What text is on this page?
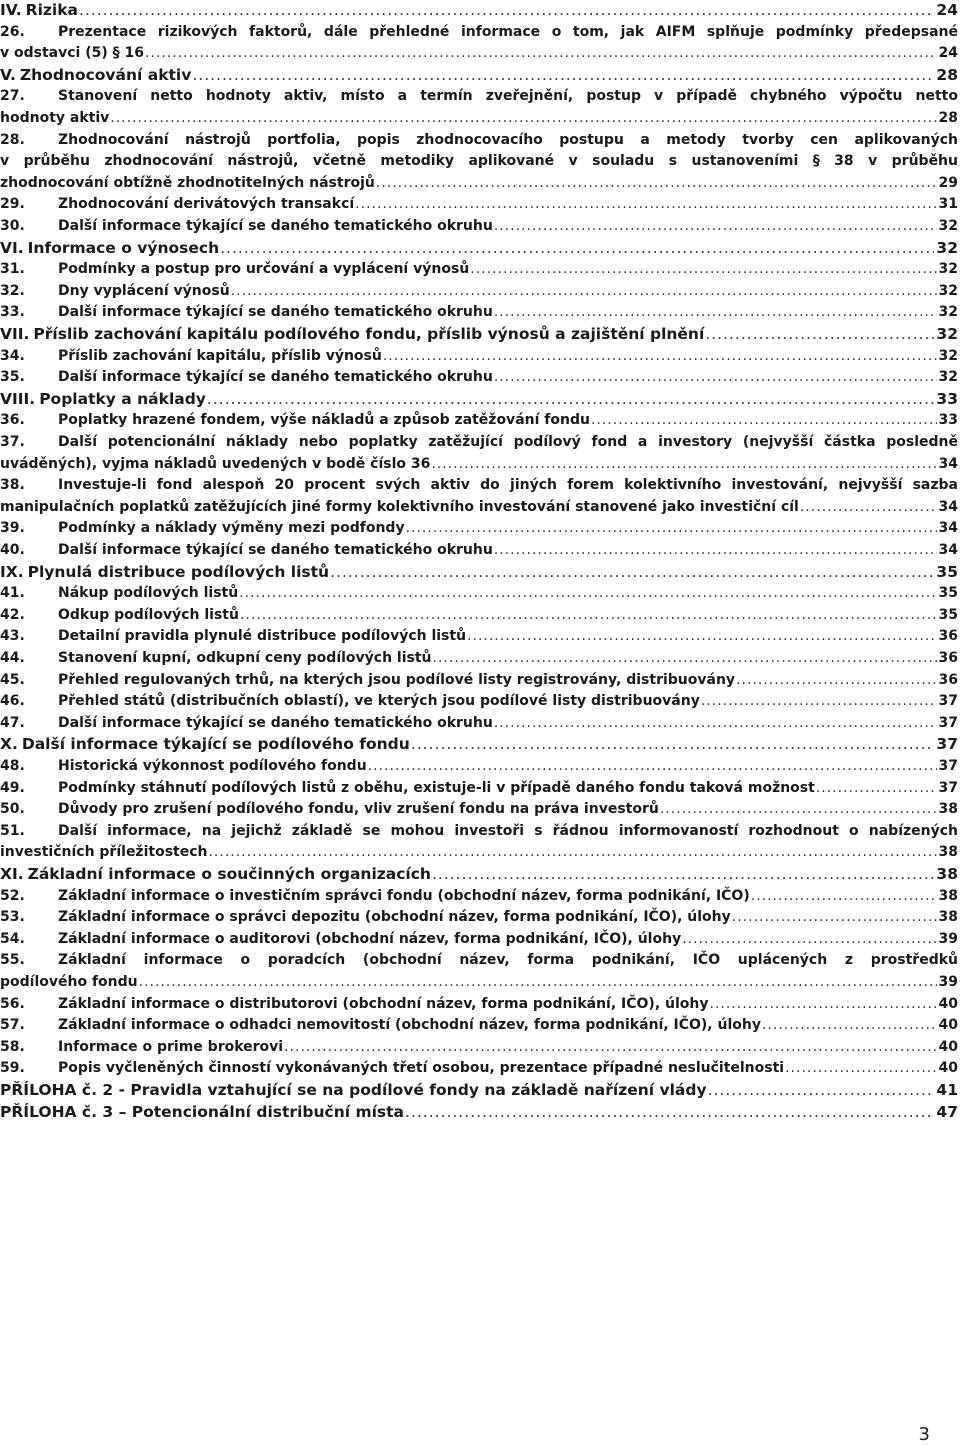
IV. Rizika .....	24
26. Prezentace rizikových faktorů, dále přehledné informace o tom, jak AIFM splňuje podmínky předepsané
v odstavci (5) § 16 .....	24
V. Zhodnocování aktiv .....	28
27. Stanovení netto hodnoty aktiv, místo a termín zveřejnění, postup v případě chybného výpočtu netto
hodnoty aktiv .....	28
28. Zhodnocování nástrojů portfolia, popis zhodnocovacího postupu a metody tvorby cen aplikovaných
v průběhu zhodnocování nástrojů, včetně metodiky aplikované v souladu s ustanoveními § 38 v průběhu
zhodnocování obtížně zhodnotitelných nástrojů .....	29
29.	Zhodnocování derivátových transakcí .....	31
30.	Další informace týkající se daného tematického okruhu .....	32
VI. Informace o výnosech .....	32
31.	Podmínky a postup pro určování a vyplácení výnosů .....	32
32.	Dny vyplácení výnosů .....	32
33.	Další informace týkající se daného tematického okruhu .....	32
VII. Příslib zachování kapitálu podílového fondu, příslib výnosů a zajištění plnění .....	32
34.	Příslib zachování kapitálu, příslib výnosů .....	32
35.	Další informace týkající se daného tematického okruhu .....	32
VIII. Poplatky a náklady .....	33
36.	Poplatky hrazené fondem, výše nákladů a způsob zatěžování fondu .....	33
37. Další potencionální náklady nebo poplatky zatěžující podílový fond a investory (nejvyšší částka posledně
uváděných), vyjma nákladů uvedených v bodě číslo 36 .....	34
38. Investuje-li fond alespoň 20 procent svých aktiv do jiných forem kolektivního investování, nejvyšší sazba
manipulačních poplatků zatěžujících jiné formy kolektivního investování stanovené jako investiční cíl .....	34
39.	Podmínky a náklady výměny mezi podfondy .....	34
40.	Další informace týkající se daného tematického okruhu .....	34
IX. Plynulá distribuce podílových listů .....	35
41.	Nákup podílových listů .....	35
42.	Odkup podílových listů .....	35
43.	Detailní pravidla plynulé distribuce podílových listů .....	36
44.	Stanovení kupní, odkupní ceny podílových listů .....	36
45.	Přehled regulovaných trhů, na kterých jsou podílové listy registrovány, distribuovány .....	36
46.	Přehled států (distribučních oblastí), ve kterých jsou podílové listy distribuovány .....	37
47.	Další informace týkající se daného tematického okruhu .....	37
X. Další informace týkající se podílového fondu .....	37
48.	Historická výkonnost podílového fondu .....	37
49.	Podmínky stáhnutí podílových listů z oběhu, existuje-li v případě daného fondu taková možnost .....	37
50.	Důvody pro zrušení podílového fondu, vliv zrušení fondu na práva investorů .....	38
51. Další informace, na jejichž základě se mohou investoři s řádnou informovaností rozhodnout o nabízených
investičních příležitostech .....	38
XI. Základní informace o součinných organizacích .....	38
52.	Základní informace o investičním správci fondu (obchodní název, forma podnikání, IČO) .....	38
53.	Základní informace o správci depozitu (obchodní název, forma podnikání, IČO), úlohy .....	38
54.	Základní informace o auditorovi (obchodní název, forma podnikání, IČO), úlohy .....	39
55. Základní informace o poradcích (obchodní název, forma podnikání, IČO uplácených z prostředků
podílového fondu .....	39
56.	Základní informace o distributorovi (obchodní název, forma podnikání, IČO), úlohy .....	40
57.	Základní informace o odhadci nemovitostí (obchodní název, forma podnikání, IČO), úlohy .....	40
58.	Informace o prime brokerovi .....	40
59.	Popis vyčleněných činností vykonávaných třetí osobou, prezentace případné neslučitelnosti .....	40
PŘÍLOHA č. 2 - Pravidla vztahující se na podílové fondy na základě nařízení vlády .....	41
PŘÍLOHA č. 3 – Potencionální distribuční místa .....	47
3
